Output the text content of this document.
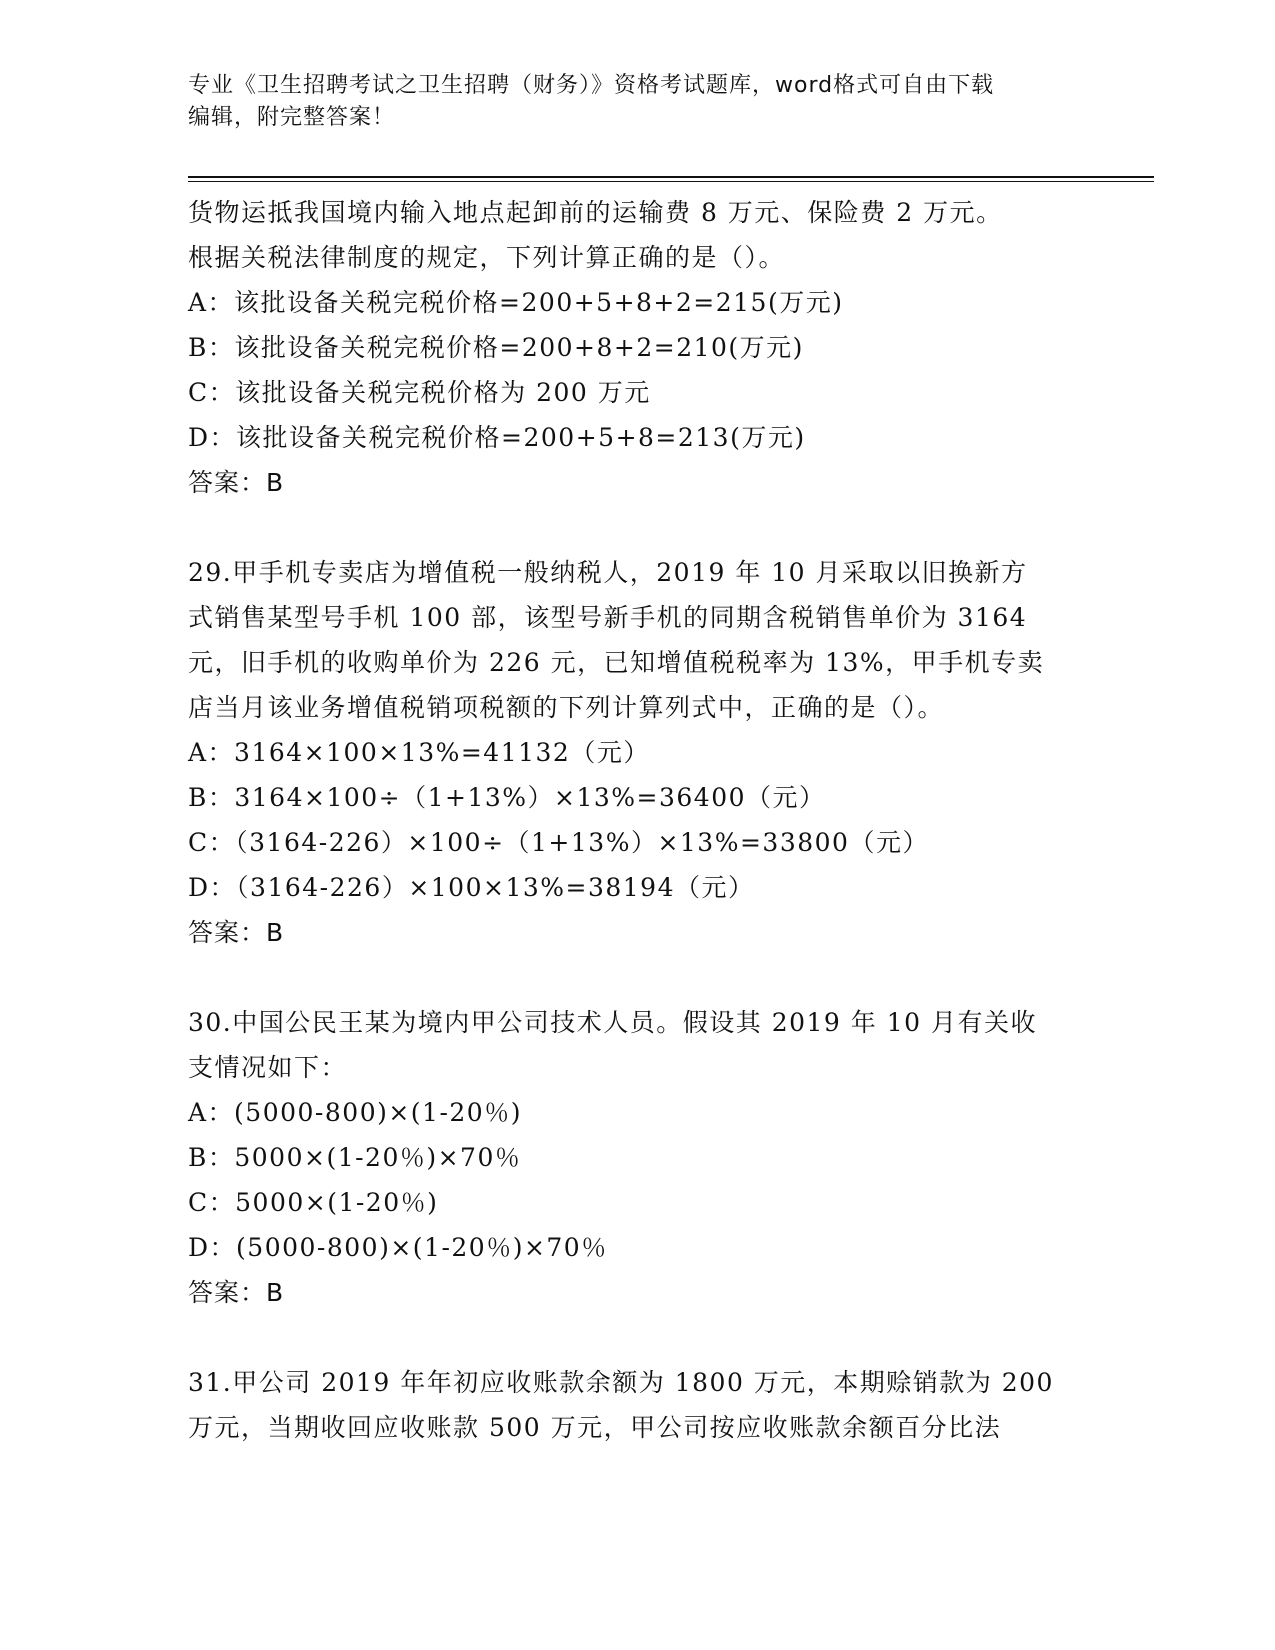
专业《卫生招聘考试之卫生招聘（财务）》资格考试题库，word格式可自由下载
编辑，附完整答案！
货物运抵我国境内输入地点起卸前的运输费 8 万元、保险费 2 万元。
根据关税法律制度的规定，下列计算正确的是（）。
A：该批设备关税完税价格=200+5+8+2=215(万元)
B：该批设备关税完税价格=200+8+2=210(万元)
C：该批设备关税完税价格为 200 万元
D：该批设备关税完税价格=200+5+8=213(万元)
答案：B
29.甲手机专卖店为增值税一般纳税人，2019 年 10 月采取以旧换新方
式销售某型号手机 100 部，该型号新手机的同期含税销售单价为 3164
元，旧手机的收购单价为 226 元，已知增值税税率为 13%，甲手机专卖
店当月该业务增值税销项税额的下列计算列式中，正确的是（）。
A：3164×100×13%=41132（元）
B：3164×100÷（1+13%）×13%=36400（元）
C：（3164-226）×100÷（1+13%）×13%=33800（元）
D：（3164-226）×100×13%=38194（元）
答案：B
30.中国公民王某为境内甲公司技术人员。假设其 2019 年 10 月有关收
支情况如下：
A：(5000-800)×(1-20％)
B：5000×(1-20％)×70％
C：5000×(1-20％)
D：(5000-800)×(1-20％)×70％
答案：B
31.甲公司 2019 年年初应收账款余额为 1800 万元，本期赊销款为 200
万元，当期收回应收账款 500 万元，甲公司按应收账款余额百分比法
